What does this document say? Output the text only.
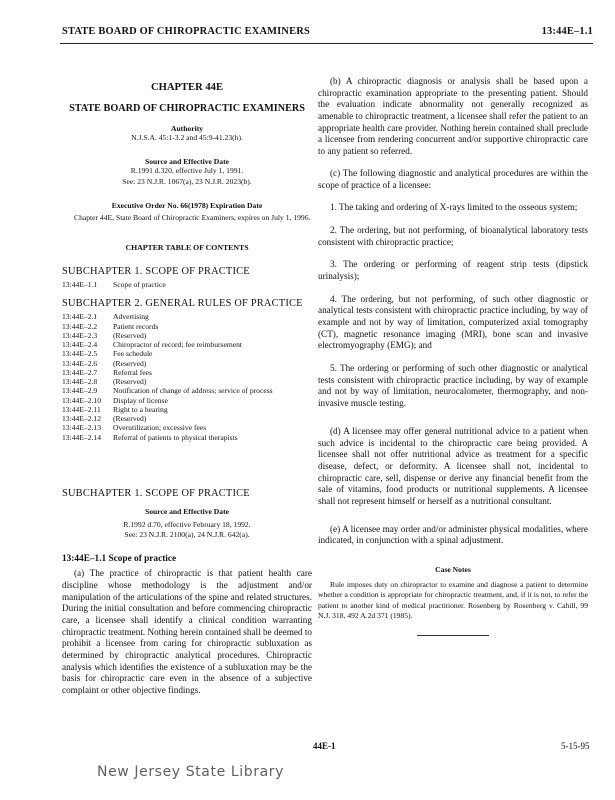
STATE BOARD OF CHIROPRACTIC EXAMINERS	13:44E–1.1
CHAPTER 44E
STATE BOARD OF CHIROPRACTIC EXAMINERS
Authority
N.J.S.A. 45:1-3.2 and 45:9-41.23(h).
Source and Effective Date
R.1991 d.320, effective July 1, 1991.
See: 23 N.J.R. 1067(a), 23 N.J.R. 2023(b).
Executive Order No. 66(1978) Expiration Date
Chapter 44E, State Board of Chiropractic Examiners, expires on July 1, 1996.
CHAPTER TABLE OF CONTENTS
SUBCHAPTER 1. SCOPE OF PRACTICE
13:44E–1.1	Scope of practice
SUBCHAPTER 2. GENERAL RULES OF PRACTICE
13:44E–2.1	Advertising
13:44E–2.2	Patient records
13:44E–2.3	(Reserved)
13:44E–2.4	Chiropractor of record; fee reimbursement
13:44E–2.5	Fee schedule
13:44E–2.6	(Reserved)
13:44E–2.7	Referral fees
13:44E–2.8	(Reserved)
13:44E–2.9	Notification of change of address; service of process
13:44E–2.10	Display of license
13:44E–2.11	Right to a hearing
13:44E–2.12	(Reserved)
13:44E–2.13	Overutilization; excessive fees
13:44E–2.14	Referral of patients to physical therapists
SUBCHAPTER 1. SCOPE OF PRACTICE
Source and Effective Date
R.1992 d.70, effective February 18, 1992.
See: 23 N.J.R. 2100(a), 24 N.J.R. 642(a).
13:44E–1.1 Scope of practice
(a) The practice of chiropractic is that patient health care discipline whose methodology is the adjustment and/or manipulation of the articulations of the spine and related structures. During the initial consultation and before commencing chiropractic care, a licensee shall identify a clinical condition warranting chiropractic treatment. Nothing herein contained shall be deemed to prohibit a licensee from caring for chiropractic subluxation as determined by chiropractic analytical procedures. Chiropractic analysis which identifies the existence of a subluxation may be the basis for chiropractic care even in the absence of a subjective complaint or other objective findings.
(b) A chiropractic diagnosis or analysis shall be based upon a chiropractic examination appropriate to the presenting patient. Should the evaluation indicate abnormality not generally recognized as amenable to chiropractic treatment, a licensee shall refer the patient to an appropriate health care provider. Nothing herein contained shall preclude a licensee from rendering concurrent and/or supportive chiropractic care to any patient so referred.
(c) The following diagnostic and analytical procedures are within the scope of practice of a licensee:
1. The taking and ordering of X-rays limited to the osseous system;
2. The ordering, but not performing, of bioanalytical laboratory tests consistent with chiropractic practice;
3. The ordering or performing of reagent strip tests (dipstick urinalysis);
4. The ordering, but not performing, of such other diagnostic or analytical tests consistent with chiropractic practice including, by way of example and not by way of limitation, computerized axial tomography (CT), magnetic resonance imaging (MRI), bone scan and invasive electromyography (EMG); and
5. The ordering or performing of such other diagnostic or analytical tests consistent with chiropractic practice including, by way of example and not by way of limitation, neurocalometer, thermography, and non-invasive muscle testing.
(d) A licensee may offer general nutritional advice to a patient when such advice is incidental to the chiropractic care being provided. A licensee shall not offer nutritional advice as treatment for a specific disease, defect, or deformity. A licensee shall not, incidental to chiropractic care, sell, dispense or derive any financial benefit from the sale of vitamins, food products or nutritional supplements. A licensee shall not represent himself or herself as a nutritional consultant.
(e) A licensee may order and/or administer physical modalities, where indicated, in conjunction with a spinal adjustment.
Case Notes
Rule imposes duty on chiropractor to examine and diagnose a patient to determine whether a condition is appropriate for chiropractic treatment, and, if it is not, to refer the patient to another kind of medical practitioner. Rosenberg by Rosenberg v. Cahill, 99 N.J. 318, 492 A.2d 371 (1985).
44E-1	5-15-95
New Jersey State Library
